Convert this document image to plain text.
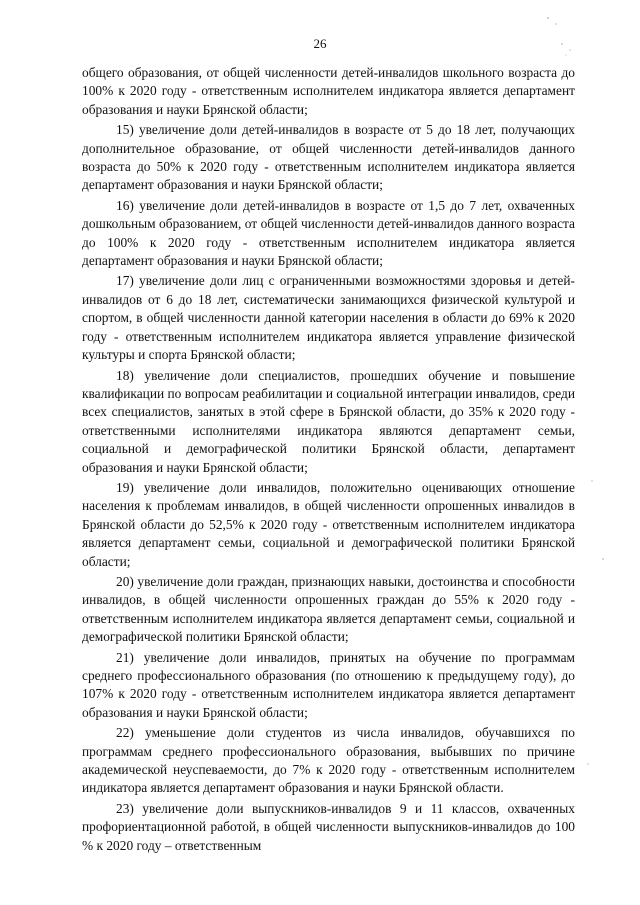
26

общего образования, от общей численности детей-инвалидов школьного возраста до 100% к 2020 году - ответственным исполнителем индикатора является департамент образования и науки Брянской области;

15) увеличение доли детей-инвалидов в возрасте от 5 до 18 лет, получающих дополнительное образование, от общей численности детей-инвалидов данного возраста до 50% к 2020 году - ответственным исполнителем индикатора является департамент образования и науки Брянской области;

16) увеличение доли детей-инвалидов в возрасте от 1,5 до 7 лет, охваченных дошкольным образованием, от общей численности детей-инвалидов данного возраста до 100% к 2020 году - ответственным исполнителем индикатора является департамент образования и науки Брянской области;

17) увеличение доли лиц с ограниченными возможностями здоровья и детей-инвалидов от 6 до 18 лет, систематически занимающихся физической культурой и спортом, в общей численности данной категории населения в области до 69% к 2020 году - ответственным исполнителем индикатора является управление физической культуры и спорта Брянской области;

18) увеличение доли специалистов, прошедших обучение и повышение квалификации по вопросам реабилитации и социальной интеграции инвалидов, среди всех специалистов, занятых в этой сфере в Брянской области, до 35% к 2020 году - ответственными исполнителями индикатора являются департамент семьи, социальной и демографической политики Брянской области, департамент образования и науки Брянской области;

19) увеличение доли инвалидов, положительно оценивающих отношение населения к проблемам инвалидов, в общей численности опрошенных инвалидов в Брянской области до 52,5% к 2020 году - ответственным исполнителем индикатора является департамент семьи, социальной и демографической политики Брянской области;

20) увеличение доли граждан, признающих навыки, достоинства и способности инвалидов, в общей численности опрошенных граждан до 55% к 2020 году - ответственным исполнителем индикатора является департамент семьи, социальной и демографической политики Брянской области;

21) увеличение доли инвалидов, принятых на обучение по программам среднего профессионального образования (по отношению к предыдущему году), до 107% к 2020 году - ответственным исполнителем индикатора является департамент образования и науки Брянской области;

22) уменьшение доли студентов из числа инвалидов, обучавшихся по программам среднего профессионального образования, выбывших по причине академической неуспеваемости, до 7% к 2020 году - ответственным исполнителем индикатора является департамент образования и науки Брянской области.

23) увеличение доли выпускников-инвалидов 9 и 11 классов, охваченных профориентационной работой, в общей численности выпускников-инвалидов до 100 % к 2020 году – ответственным
